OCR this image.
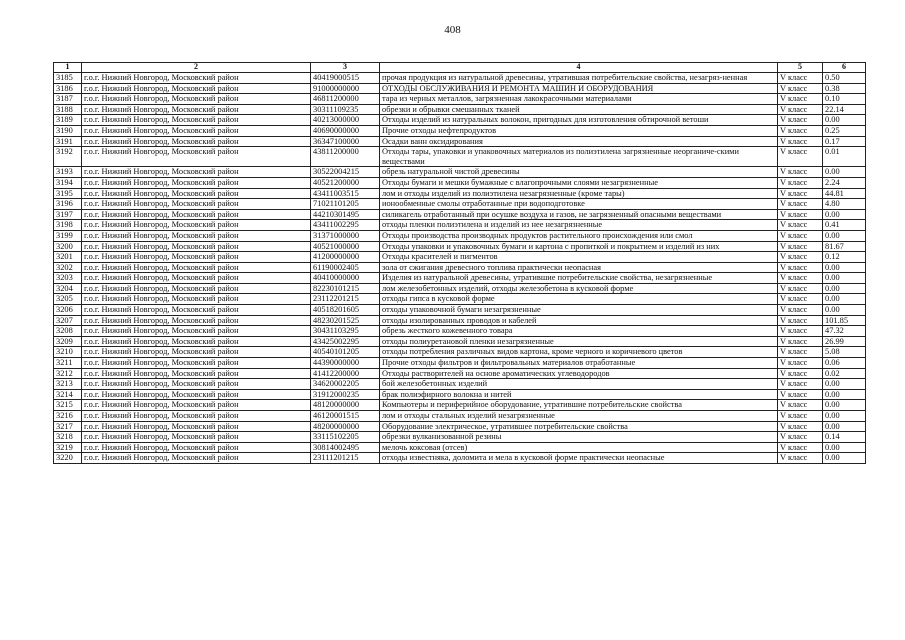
408
1	2	3	4	5	6
3185	г.о.г. Нижний Новгород, Московский район	40419000515	прочая продукция из натуральной древесины, утратившая потребительские свойства, незагряз-ненная	V класс	0.50
3186	г.о.г. Нижний Новгород, Московский район	91000000000	ОТХОДЫ ОБСЛУЖИВАНИЯ И РЕМОНТА МАШИН И ОБОРУДОВАНИЯ	V класс	0.38
3187	г.о.г. Нижний Новгород, Московский район	46811200000	тара из черных металлов, загрязненная лакокрасочными материалами	V класс	0.10
3188	г.о.г. Нижний Новгород, Московский район	30311109235	обрезки и обрывки смешанных тканей	V класс	22.14
3189	г.о.г. Нижний Новгород, Московский район	40213000000	Отходы изделий из натуральных волокон, пригодных для изготовления обтирочной ветоши	V класс	0.00
3190	г.о.г. Нижний Новгород, Московский район	40690000000	Прочие отходы нефтепродуктов	V класс	0.25
3191	г.о.г. Нижний Новгород, Московский район	36347100000	Осадки ванн оксидирования	V класс	0.17
3192	г.о.г. Нижний Новгород, Московский район	43811200000	Отходы тары, упаковки и упаковочных материалов из полиэтилена загрязненные неорганиче-скими веществами	V класс	0.01
3193	г.о.г. Нижний Новгород, Московский район	30522004215	обрезь натуральной чистой древесины	V класс	0.00
3194	г.о.г. Нижний Новгород, Московский район	40521200000	Отходы бумаги и мешки бумажные с влагопрочными слоями незагрязненные	V класс	2.24
3195	г.о.г. Нижний Новгород, Московский район	43411003515	лом и отходы изделий из полиэтилена незагрязненные (кроме тары)	V класс	44.81
3196	г.о.г. Нижний Новгород, Московский район	71021101205	ионообменные смолы отработанные при водоподготовке	V класс	4.80
3197	г.о.г. Нижний Новгород, Московский район	44210301495	силикагель отработанный при осушке воздуха и газов, не загрязненный опасными веществами	V класс	0.00
3198	г.о.г. Нижний Новгород, Московский район	43411002295	отходы пленки полиэтилена и изделий из нее незагрязненные	V класс	0.41
3199	г.о.г. Нижний Новгород, Московский район	31371000000	Отходы производства производных продуктов растительного происхождения или смол	V класс	0.00
3200	г.о.г. Нижний Новгород, Московский район	40521000000	Отходы упаковки и упаковочных бумаги и картона с пропиткой и покрытием и изделий из них	V класс	81.67
3201	г.о.г. Нижний Новгород, Московский район	41200000000	Отходы красителей и пигментов	V класс	0.12
3202	г.о.г. Нижний Новгород, Московский район	61190002405	зола от сжигания древесного топлива практически неопасная	V класс	0.00
3203	г.о.г. Нижний Новгород, Московский район	40410000000	Изделия из натуральной древесины, утратившие потребительские свойства, незагрязненные	V класс	0.00
3204	г.о.г. Нижний Новгород, Московский район	82230101215	лом железобетонных изделий, отходы железобетона в кусковой форме	V класс	0.00
3205	г.о.г. Нижний Новгород, Московский район	23112201215	отходы гипса в кусковой форме	V класс	0.00
3206	г.о.г. Нижний Новгород, Московский район	40518201605	отходы упаковочной бумаги незагрязненные	V класс	0.00
3207	г.о.г. Нижний Новгород, Московский район	48230201525	отходы изолированных проводов и кабелей	V класс	101.85
3208	г.о.г. Нижний Новгород, Московский район	30431103295	обрезь жесткого кожевенного товара	V класс	47.32
3209	г.о.г. Нижний Новгород, Московский район	43425002295	отходы полиуретановой пленки незагрязненные	V класс	26.99
3210	г.о.г. Нижний Новгород, Московский район	40540101205	отходы потребления различных видов картона, кроме черного и коричневого цветов	V класс	5.08
3211	г.о.г. Нижний Новгород, Московский район	44390000000	Прочие отходы фильтров и фильтровальных материалов отработанные	V класс	0.06
3212	г.о.г. Нижний Новгород, Московский район	41412200000	Отходы растворителей на основе ароматических углеводородов	V класс	0.02
3213	г.о.г. Нижний Новгород, Московский район	34620002205	бой железобетонных изделий	V класс	0.00
3214	г.о.г. Нижний Новгород, Московский район	31912000235	брак полиэфирного волокна и нитей	V класс	0.00
3215	г.о.г. Нижний Новгород, Московский район	48120000000	Компьютеры и периферийное оборудование, утратившие потребительские свойства	V класс	0.00
3216	г.о.г. Нижний Новгород, Московский район	46120001515	лом и отходы стальных изделий незагрязненные	V класс	0.00
3217	г.о.г. Нижний Новгород, Московский район	48200000000	Оборудование электрическое, утратившее потребительские свойства	V класс	0.00
3218	г.о.г. Нижний Новгород, Московский район	33115102205	обрезки вулканизованной резины	V класс	0.14
3219	г.о.г. Нижний Новгород, Московский район	30814002495	мелочь коксовая (отсев)	V класс	0.00
3220	г.о.г. Нижний Новгород, Московский район	23111201215	отходы известняка, доломита и мела в кусковой форме практически неопасные	V класс	0.00
